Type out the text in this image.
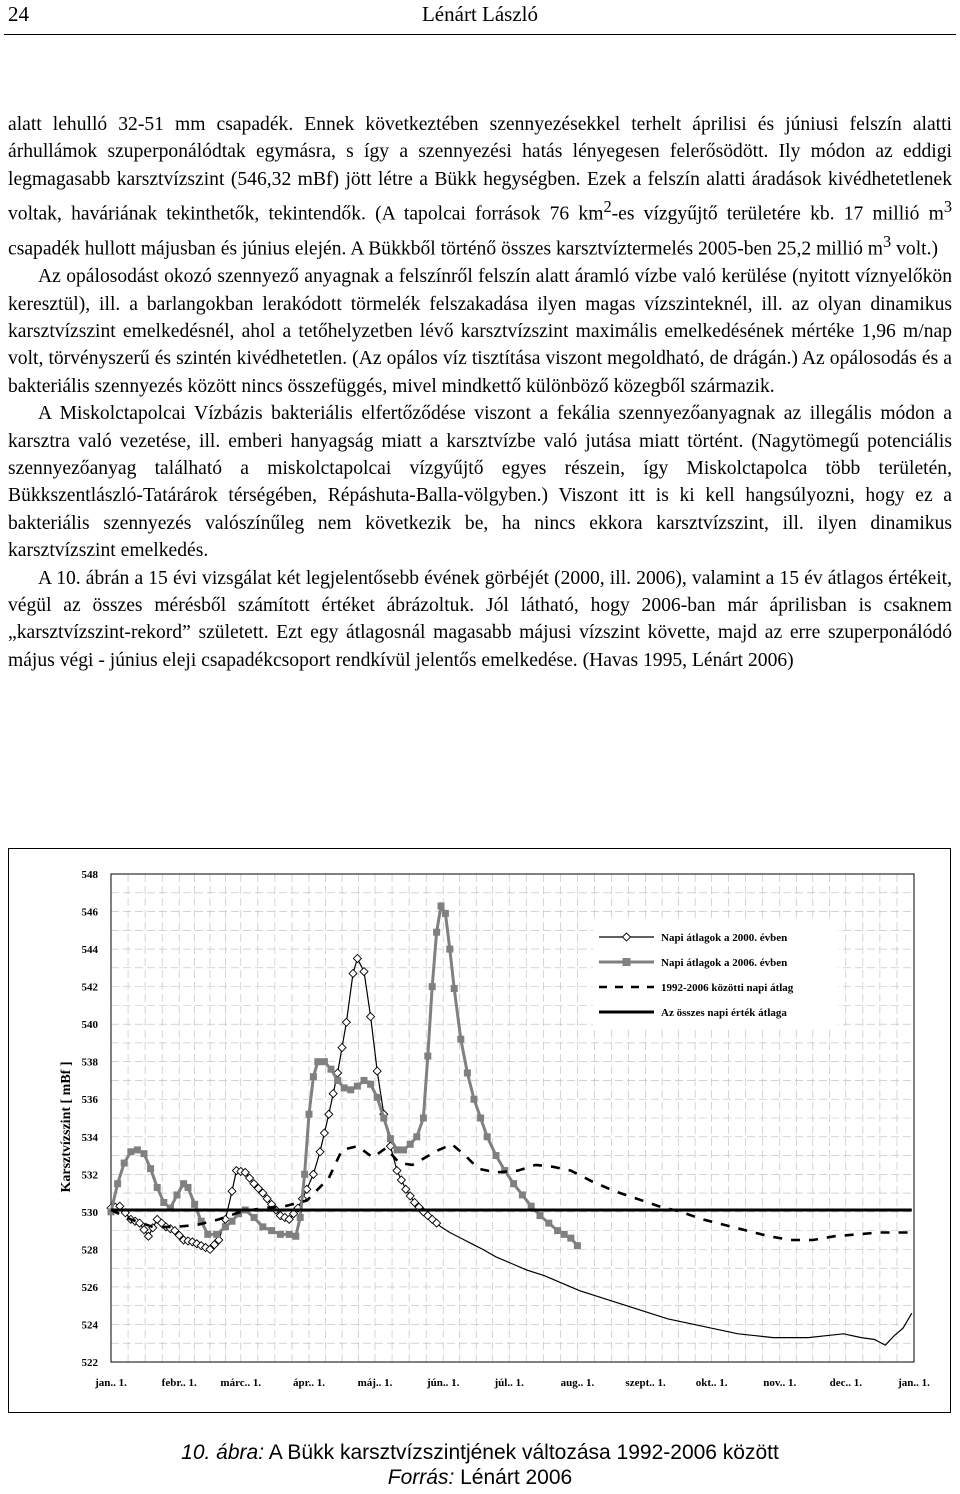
24	Lénárt László

alatt lehulló 32-51 mm csapadék. Ennek következtében szennyezésekkel terhelt áprilisi és júniusi felszín alatti árhullámok szuperponálódtak egymásra, s így a szennyezési hatás lényegesen felerősödött. Ily módon az eddigi legmagasabb karsztvízszint (546,32 mBf) jött létre a Bükk hegységben. Ezek a felszín alatti áradások kivédhetetlenek voltak, haváriának tekinthetők, tekintendők. (A tapolcai források 76 $km^2-es$ vízgyűjtő területére kb. 17 millió $m^3$ csapadék hullott májusban és június elején. A Bükkből történő összes karsztvíztermelés 2005-ben 25,2 millió $m^3$ volt.)

Az opálosodást okozó szennyező anyagnak a felszínről felszín alatt áramló vízbe való kerülése (nyitott víznyelőkön keresztül), ill. a barlangokban lerakódott törmelék felszakadása ilyen magas vízszinteknél, ill. az olyan dinamikus karsztvízszint emelkedésnél, ahol a tetőhelyzetben lévő karsztvízszint maximális emelkedésének mértéke 1,96 m/nap volt, törvényszerű és szintén kivédhetetlen. (Az opálos víz tisztítása viszont megoldható, de drágán.) Az opálosodás és a bakteriális szennyezés között nincs összefüggés, mivel mindkettő különböző közegből származik.

A Miskolctapolcai Vízbázis bakteriális elfertőződése viszont a fekália szennyezőanyagnak az illegális módon a karsztra való vezetése, ill. emberi hanyagság miatt a karsztvízbe való jutása miatt történt. (Nagytömegű potenciális szennyezőanyag található a miskolctapolcai vízgyűjtő egyes részein, így Miskolctapolca több területén, Bükkszentlászló-Tatárárok térségében, Répáshuta-Balla-völgyben.) Viszont itt is ki kell hangsúlyozni, hogy ez a bakteriális szennyezés valószínűleg nem következik be, ha nincs ekkora karsztvízszint, ill. ilyen dinamikus karsztvízszint emelkedés.

A 10. ábrán a 15 évi vizsgálat két legjelentősebb évének görbéjét (2000, ill. 2006), valamint a 15 év átlagos értékeit, végül az összes mérésből számított értéket ábrázoltuk. Jól látható, hogy 2006-ban már áprilisban is csaknem „karsztvízszint-rekord” született. Ezt egy átlagosnál magasabb májusi vízszint követte, majd az erre szuperponálódó május végi - június eleji csapadékcsoport rendkívül jelentős emelkedése. (Havas 1995, Lénárt 2006)

548
546
544
542
540
538
536
534
532
530
528
526
524
522
jan.. 1.	febr.. 1. márc.. 1.	ápr.. 1.	máj.. 1.	jún.. 1.	júl.. 1.	aug.. 1.	szept.. 1.	okt.. 1.	nov.. 1.	dec.. 1.	jan.. 1.
Napi átlagok a 2000. évben
Napi átlagok a 2006. évben
1992-2006 közötti napi átlag
Az összes napi érték átlaga
Karsztvízszint [ mBf ]
10. ábra: A Bükk karsztvízszintjének változása 1992-2006 között
Forrás: Lénárt 2006
